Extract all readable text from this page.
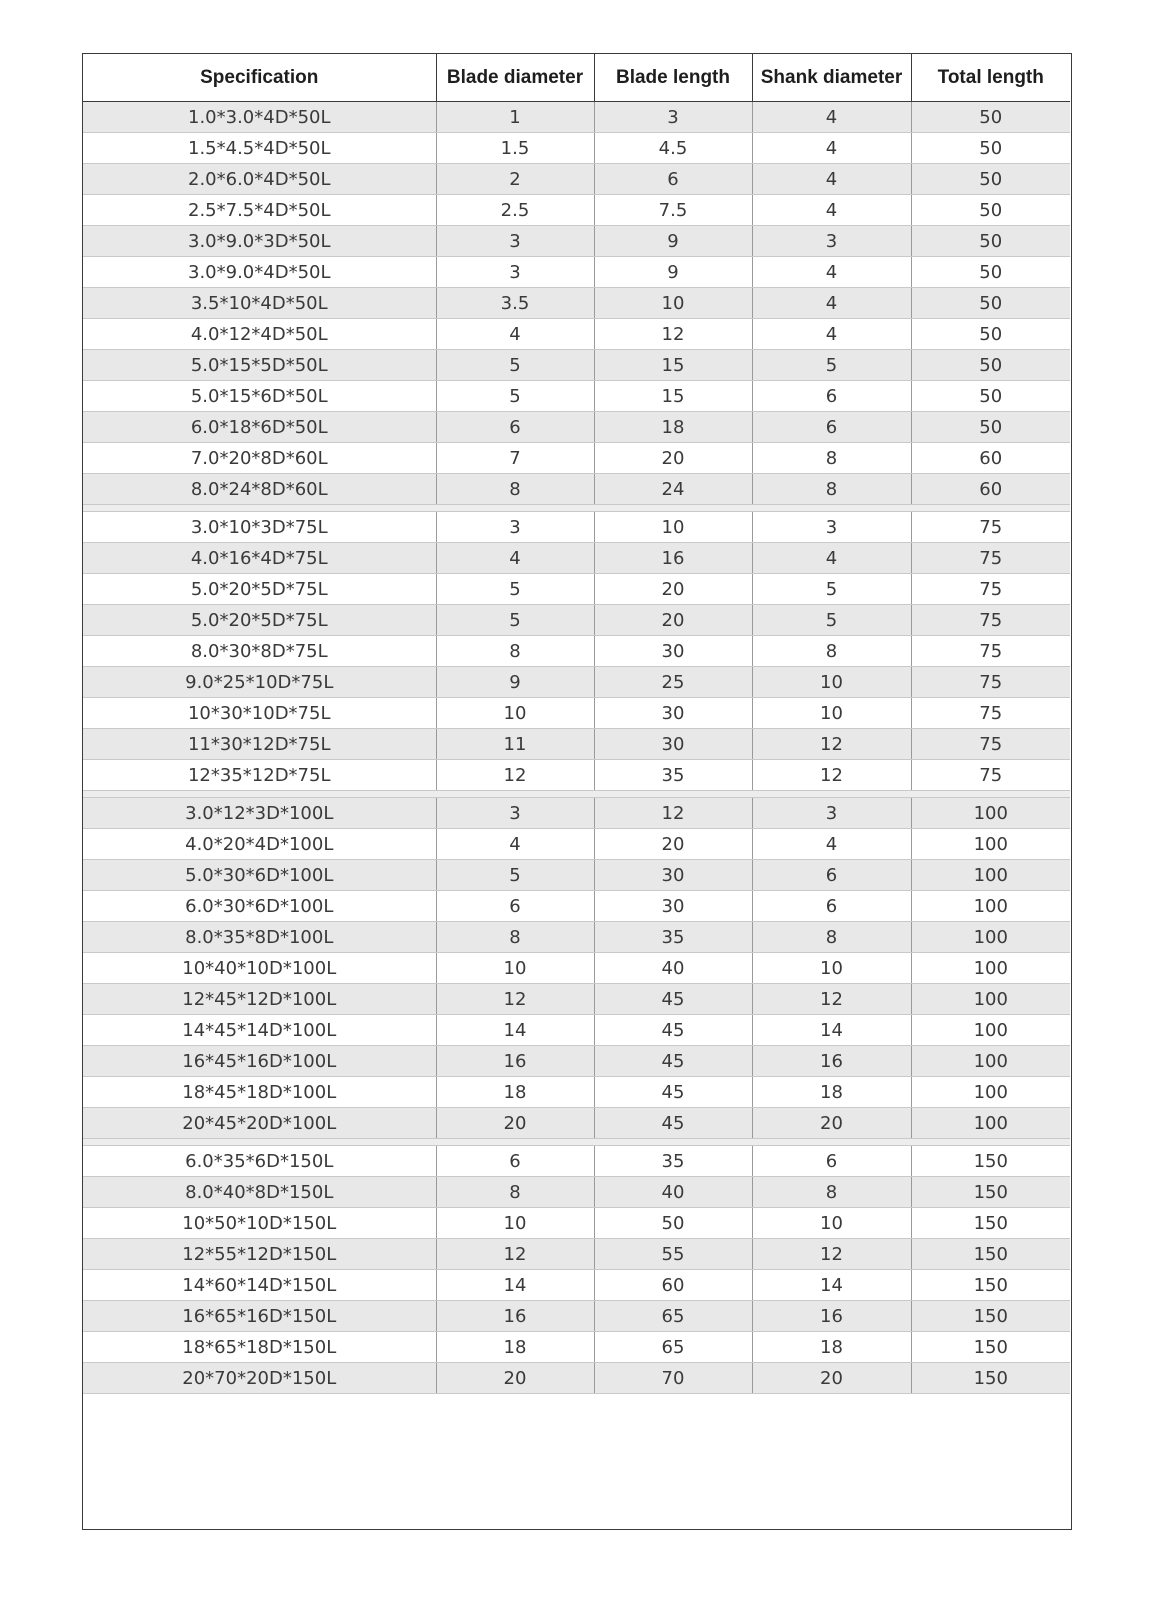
Specification	Blade diameter	Blade length	Shank diameter	Total length
1.0*3.0*4D*50L	1	3	4	50
1.5*4.5*4D*50L	1.5	4.5	4	50
2.0*6.0*4D*50L	2	6	4	50
2.5*7.5*4D*50L	2.5	7.5	4	50
3.0*9.0*3D*50L	3	9	3	50
3.0*9.0*4D*50L	3	9	4	50
3.5*10*4D*50L	3.5	10	4	50
4.0*12*4D*50L	4	12	4	50
5.0*15*5D*50L	5	15	5	50
5.0*15*6D*50L	5	15	6	50
6.0*18*6D*50L	6	18	6	50
7.0*20*8D*60L	7	20	8	60
8.0*24*8D*60L	8	24	8	60

3.0*10*3D*75L	3	10	3	75
4.0*16*4D*75L	4	16	4	75
5.0*20*5D*75L	5	20	5	75
5.0*20*5D*75L	5	20	5	75
8.0*30*8D*75L	8	30	8	75
9.0*25*10D*75L	9	25	10	75
10*30*10D*75L	10	30	10	75
11*30*12D*75L	11	30	12	75
12*35*12D*75L	12	35	12	75

3.0*12*3D*100L	3	12	3	100
4.0*20*4D*100L	4	20	4	100
5.0*30*6D*100L	5	30	6	100
6.0*30*6D*100L	6	30	6	100
8.0*35*8D*100L	8	35	8	100
10*40*10D*100L	10	40	10	100
12*45*12D*100L	12	45	12	100
14*45*14D*100L	14	45	14	100
16*45*16D*100L	16	45	16	100
18*45*18D*100L	18	45	18	100
20*45*20D*100L	20	45	20	100

6.0*35*6D*150L	6	35	6	150
8.0*40*8D*150L	8	40	8	150
10*50*10D*150L	10	50	10	150
12*55*12D*150L	12	55	12	150
14*60*14D*150L	14	60	14	150
16*65*16D*150L	16	65	16	150
18*65*18D*150L	18	65	18	150
20*70*20D*150L	20	70	20	150
